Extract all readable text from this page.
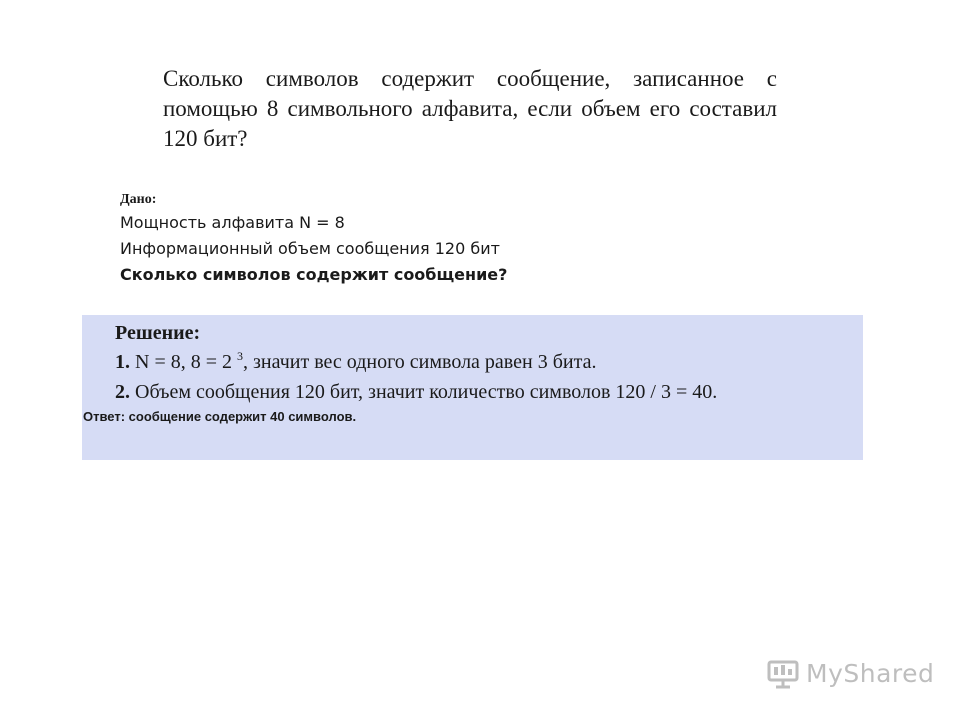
Сколько символов содержит сообщение, записанное с помощью 8 символьного алфавита, если объем его составил 120 бит?
Дано:
Мощность алфавита N = 8
Информационный объем сообщения 120 бит
Сколько символов содержит сообщение?
Решение:
1. N = 8, 8 = 2 $^3$, значит вес одного символа равен 3 бита.
2. Объем сообщения 120 бит, значит количество символов 120 / 3 = 40.
Ответ: сообщение содержит 40 символов.
MyShared
